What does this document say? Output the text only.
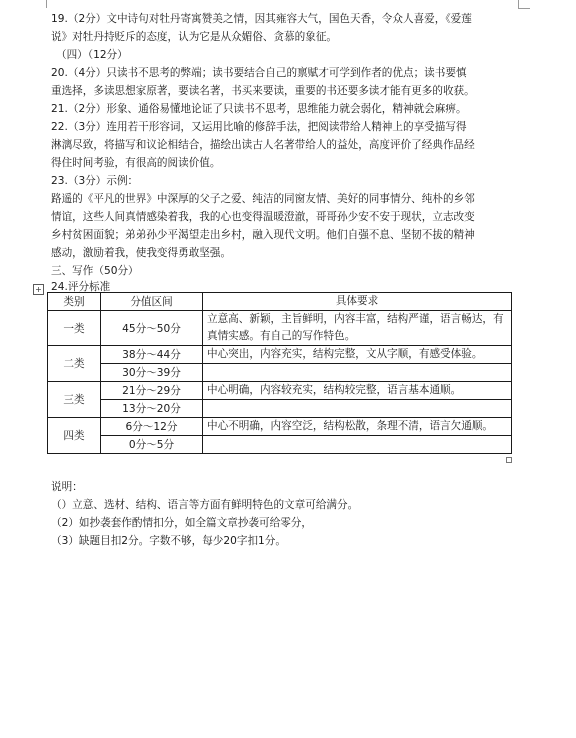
19.（2分）文中诗句对牡丹寄寓赞美之情，因其雍容大气，国色天香，令众人喜爱，《爱莲
说》对牡丹持贬斥的态度，认为它是从众媚俗、贪慕的象征。
（四）（12分）
20.（4分）只读书不思考的弊端；读书要结合自己的禀赋才可学到作者的优点；读书要慎
重选择，多读思想家原著，要读名著，书买来要读，重要的书还要多读才能有更多的收获。
21.（2分）形象、通俗易懂地论证了只读书不思考，思维能力就会弱化，精神就会麻痹。
22.（3分）连用若干形容词，又运用比喻的修辞手法，把阅读带给人精神上的享受描写得
淋漓尽致，将描写和议论相结合，描绘出读古人名著带给人的益处，高度评价了经典作品经
得住时间考验，有很高的阅读价值。
23.（3分）示例：
路遥的《平凡的世界》中深厚的父子之爱、纯洁的同窗友情、美好的同事情分、纯朴的乡邻
情谊，这些人间真情感染着我，我的心也变得温暖澄澈，哥哥孙少安不安于现状，立志改变
乡村贫困面貌；弟弟孙少平渴望走出乡村，融入现代文明。他们自强不息、坚韧不拔的精神
感动，激励着我，使我变得勇敢坚强。
三、写作（50分）
24.评分标准
+
类别	分值区间	具体要求
一类	45分～50分	立意高、新颖，主旨鲜明，内容丰富，结构严谨，语言畅达，有真情实感。有自己的写作特色。
二类	38分～44分	中心突出，内容充实，结构完整，文从字顺，有感受体验。
	30分～39分	
三类	21分～29分	中心明确，内容较充实，结构较完整，语言基本通顺。
	13分～20分	
四类	6分～12分	中心不明确，内容空泛，结构松散，条理不清，语言欠通顺。
	0分～5分	
说明：
（）立意、选材、结构、语言等方面有鲜明特色的文章可给满分。
（2）如抄袭套作酌情扣分，如全篇文章抄袭可给零分，
（3）缺题目扣2分。字数不够，每少20字扣1分。
